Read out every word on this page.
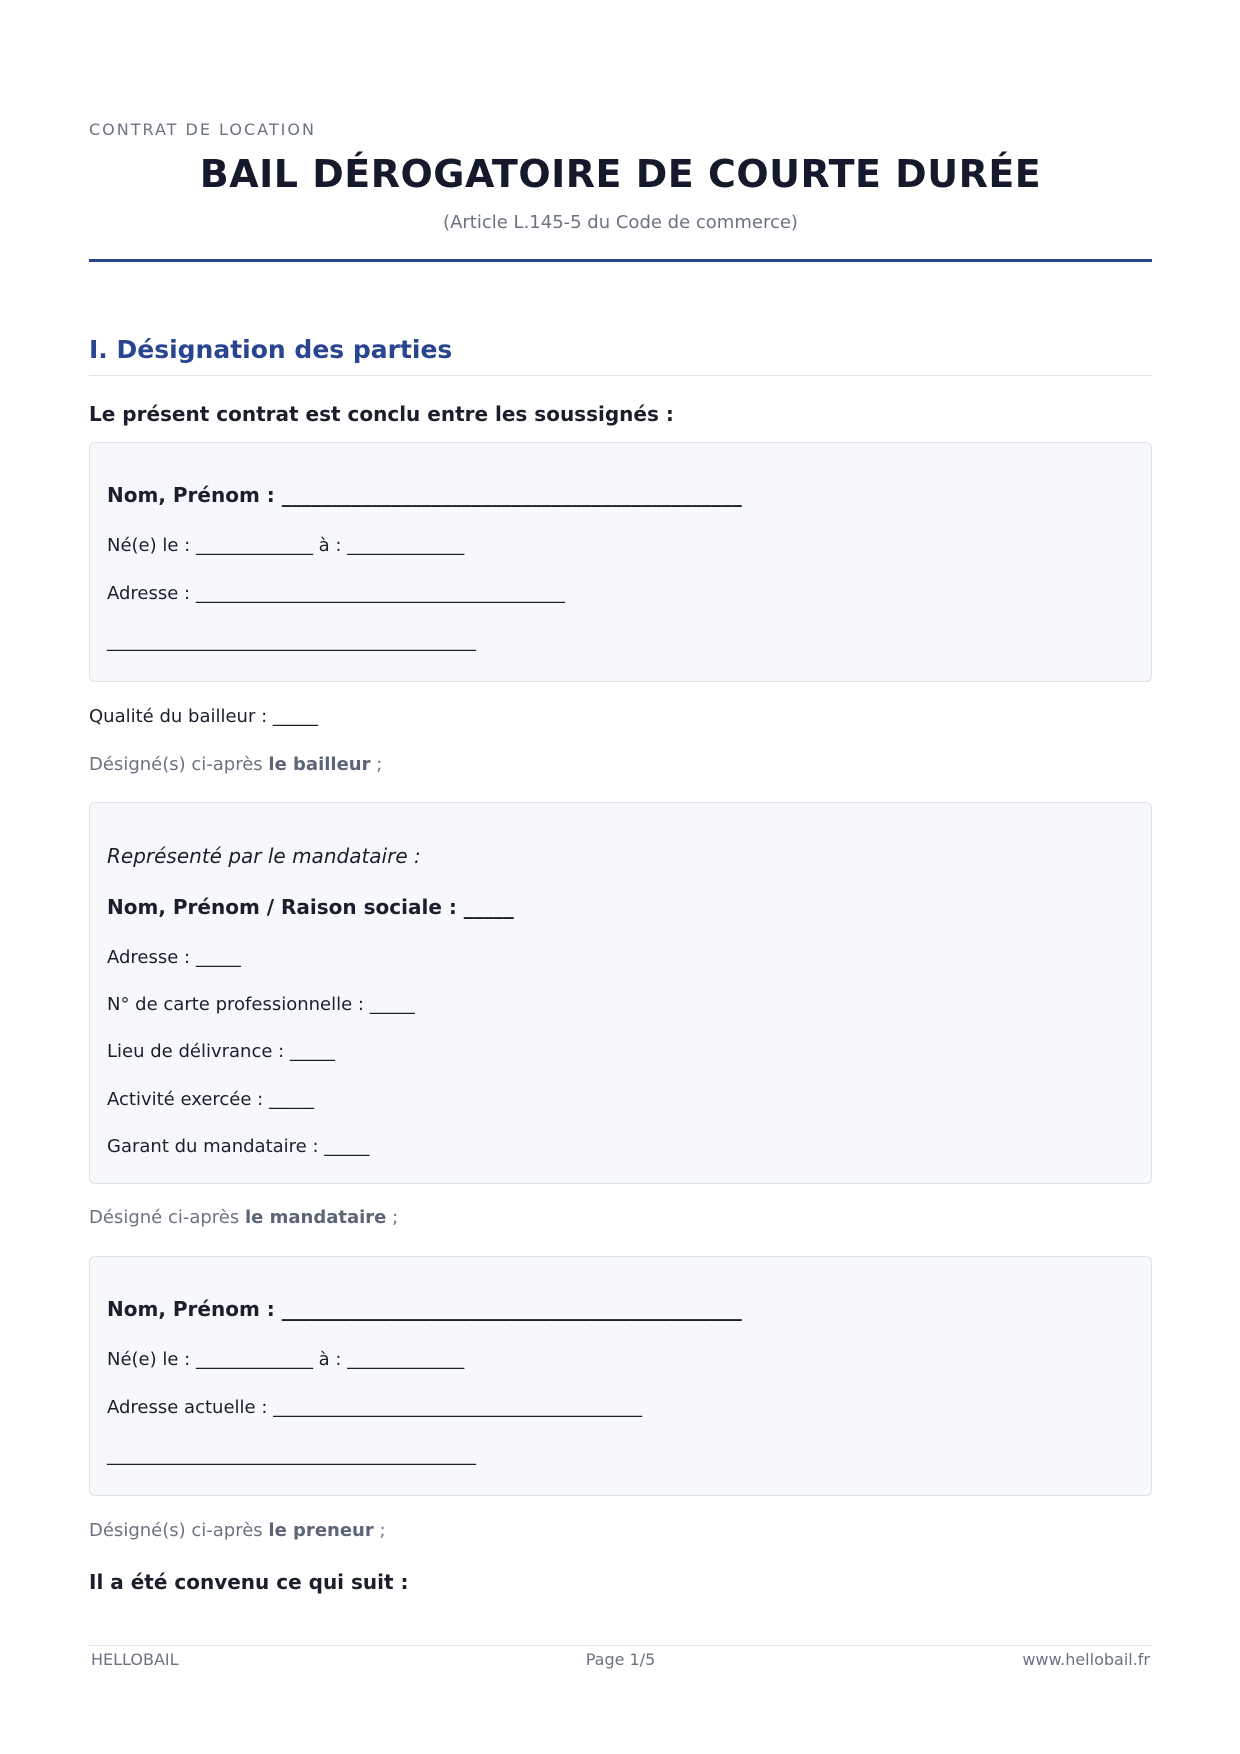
CONTRAT DE LOCATION
BAIL DÉROGATOIRE DE COURTE DURÉE
(Article L.145-5 du Code de commerce)
I. Désignation des parties
Le présent contrat est conclu entre les soussignés :
Nom, Prénom : ______________________________________________
Né(e) le : _____________ à : _____________
Adresse : _________________________________________
_________________________________________
Qualité du bailleur : _____
Désigné(s) ci-après le bailleur ;
Représenté par le mandataire :
Nom, Prénom / Raison sociale : _____
Adresse : _____
N° de carte professionnelle : _____
Lieu de délivrance : _____
Activité exercée : _____
Garant du mandataire : _____
Désigné ci-après le mandataire ;
Nom, Prénom : ______________________________________________
Né(e) le : _____________ à : _____________
Adresse actuelle : _________________________________________
_________________________________________
Désigné(s) ci-après le preneur ;
Il a été convenu ce qui suit :
HELLOBAIL	Page 1/5	www.hellobail.fr
